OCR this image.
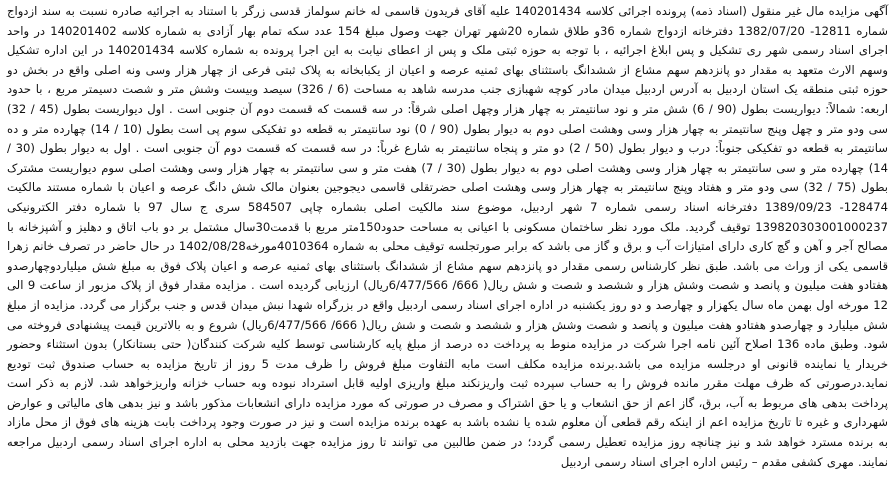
آگهی مزایده مال غیر منقول (اسناد ذمه) پرونده اجرائی کلاسه 140201434 علیه آقای فریدون قاسمی له خانم سولماز قدسی زرگر با استناد به اجرائیه صادره نسبت به سند ازدواج شماره 12811- 1382/07/20 دفترخانه ازدواج شماره 36و طلاق شماره 20شهر تهران جهت وصول مبلغ 154 عدد سکه تمام بهار آزادی به شماره کلاسه 140201402 در واحد اجرای اسناد رسمی شهر ری تشکیل و پس ابلاغ اجرائیه ، با توجه به حوزه ثبتی ملک و پس از اعطای نیابت به این اجرا پرونده به شماره کلاسه 140201434 در این اداره تشکیل وسهم الارث متعهد به مقدار دو پانزدهم سهم مشاع از ششدانگ باستثنای بهای ثمنیه عرصه و اعیان از یکبابخانه به پلاک ثبتی فرعی از چهار هزار وسی ونه اصلی واقع در بخش دو حوزه ثبتی منطقه یک استان اردبیل به آدرس اردبیل میدان مادر کوچه شهبازی جنب مدرسه شاهد به مساحت (6 / 326) سیصد وبیست وشش متر و شصت دسیمتر مربع ، با حدود اربعه: شمالاً: دیواریست بطول (90 / 6) شش متر و نود سانتیمتر به چهار هزار وچهل اصلی شرقاً: در سه قسمت که قسمت دوم آن جنوبی است . اول دیواریست بطول (45 / 32) سی ودو متر و چهل وپنج سانتیمتر به چهار هزار وسی وهشت اصلی دوم به دیوار بطول (90 / 0) نود سانتیمتر به قطعه دو تفکیکی سوم پی است بطول (10 / 14) چهارده متر و ده سانتیمتر به قطعه دو تفکیکی جنوباً: درب و دیوار بطول (50 / 2) دو متر و پنجاه سانتیمتر به شارع غرباً: در سه قسمت که قسمت دوم آن جنوبی است . اول به دیوار بطول (30 / 14) چهارده متر و سی سانتیمتر به چهار هزار وسی وهشت اصلی دوم به دیوار بطول (30 / 7) هفت متر و سی سانتیمتر به چهار هزار وسی وهشت اصلی سوم دیواریست مشترک بطول (75 / 32) سی ودو متر و هفتاد وپنج سانتیمتر به چهار هزار وسی وهشت اصلی حضرتقلی قاسمی دیجوجین بعنوان مالک شش دانگ عرصه و اعیان با شماره مستند مالکیت 128474- 1389/09/23 دفترخانه اسناد رسمی شماره 7 شهر اردبیل، موضوع سند مالکیت اصلی بشماره چاپی 584507 سری ج سال 97 با شماره دفتر الکترونیکی 139820303001000237 توقیف گردید. ملک مورد نظر ساختمان مسکونی با اعیانی به مساحت حدود150متر مربع با قدمت30سال مشتمل بر دو باب اتاق و دهلیز و آشپزخانه با مصالح آجر و آهن و گچ کاری دارای امتیازات آب و برق و گاز می باشد که برابر صورتجلسه توقیف محلی به شماره 4010364مورخه1402/08/28 در حال حاضر در تصرف خانم زهرا قاسمی یکی از وراث می باشد. طبق نظر کارشناس رسمی مقدار دو پانزدهم سهم مشاع از ششدانگ باستثنای بهای ثمنیه عرصه و اعیان پلاک فوق به مبلغ شش میلیاردوچهارصدو هفتادو هفت میلیون و پانصد و شصت وشش هزار و ششصد و شصت و شش ریال( 666/ 6/477/566ریال) ارزیابی گردیده است . مزایده مقدار فوق از پلاک مزبور از ساعت 9 الی 12 مورخه اول بهمن ماه سال یکهزار و چهارصد و دو روز یکشنبه در اداره اجرای اسناد رسمی اردبیل واقع در بزرگراه شهدا نبش میدان قدس و جنب برگزار می گردد. مزایده از مبلغ شش میلیارد و چهارصدو هفتادو هفت میلیون و پانصد و شصت وشش هزار و ششصد و شصت و شش ریال( 666/ 6/477/566ریال) شروع و به بالاترین قیمت پیشنهادی فروخته می شود. وطبق ماده 136 اصلاح آئین نامه اجرا شرکت در مزایده منوط به پرداخت ده درصد از مبلغ پایه کارشناسی توسط کلیه شرکت کنندگان( حتی بستانکار) بدون استثناء وحضور خریدار یا نماینده قانونی او درجلسه مزایده می باشد.برنده مزایده مکلف است مابه التفاوت مبلغ فروش را ظرف مدت 5 روز از تاریخ مزایده به حساب صندوق ثبت تودیع نماید.درصورتی که ظرف مهلت مقرر مانده فروش را به حساب سپرده ثبت واریزنکند مبلغ واریزی اولیه قابل استرداد نبوده وبه حساب خزانه واریزخواهد شد. لازم به ذکر است پرداخت بدهی های مربوط به آب، برق، گاز اعم از حق انشعاب و یا حق اشتراک و مصرف در صورتی که مورد مزایده دارای انشعابات مذکور باشد و نیز بدهی های مالیاتی و عوارض شهرداری و غیره تا تاریخ مزایده اعم از اینکه رقم قطعی آن معلوم شده یا نشده باشد به عهده برنده مزایده است و نیز در صورت وجود پرداخت بابت هزینه های فوق از محل مازاد به برنده مسترد خواهد شد و نیز چنانچه روز مزایده تعطیل رسمی گردد؛ در ضمن طالبین می توانند تا روز مزایده جهت بازدید محلی به اداره اجرای اسناد رسمی اردبیل مراجعه نمایند. مهری کشفی مقدم – رئیس اداره اجرای اسناد رسمی اردبیل
